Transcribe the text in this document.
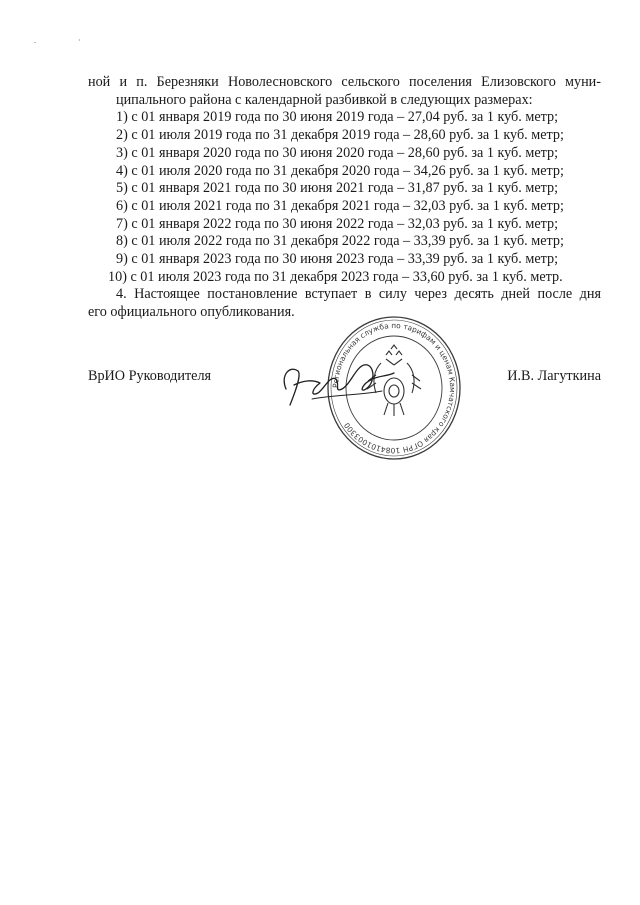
. ·
ной и п. Березняки Новолесновского сельского поселения Елизовского муни-
ципального района с календарной разбивкой в следующих размерах:
1) с 01 января 2019 года по 30 июня 2019 года – 27,04 руб. за 1 куб. метр;
2) с 01 июля 2019 года по 31 декабря 2019 года – 28,60 руб. за 1 куб. метр;
3) с 01 января 2020 года по 30 июня 2020 года – 28,60 руб. за 1 куб. метр;
4) с 01 июля 2020 года по 31 декабря 2020 года – 34,26 руб. за 1 куб. метр;
5) с 01 января 2021 года по 30 июня 2021 года – 31,87 руб. за 1 куб. метр;
6) с 01 июля 2021 года по 31 декабря 2021 года – 32,03 руб. за 1 куб. метр;
7) с 01 января 2022 года по 30 июня 2022 года – 32,03 руб. за 1 куб. метр;
8) с 01 июля 2022 года по 31 декабря 2022 года – 33,39 руб. за 1 куб. метр;
9) с 01 января 2023 года по 30 июня 2023 года – 33,39 руб. за 1 куб. метр;
10) с 01 июля 2023 года по 31 декабря 2023 года – 33,60 руб. за 1 куб. метр.
4. Настоящее постановление вступает в силу через десять дней после дня
его официального опубликования.
Региональная служба по тарифам и ценам Камчатского края ОГРН 1084101003300
ВрИО Руководителя	И.В. Лагуткина
